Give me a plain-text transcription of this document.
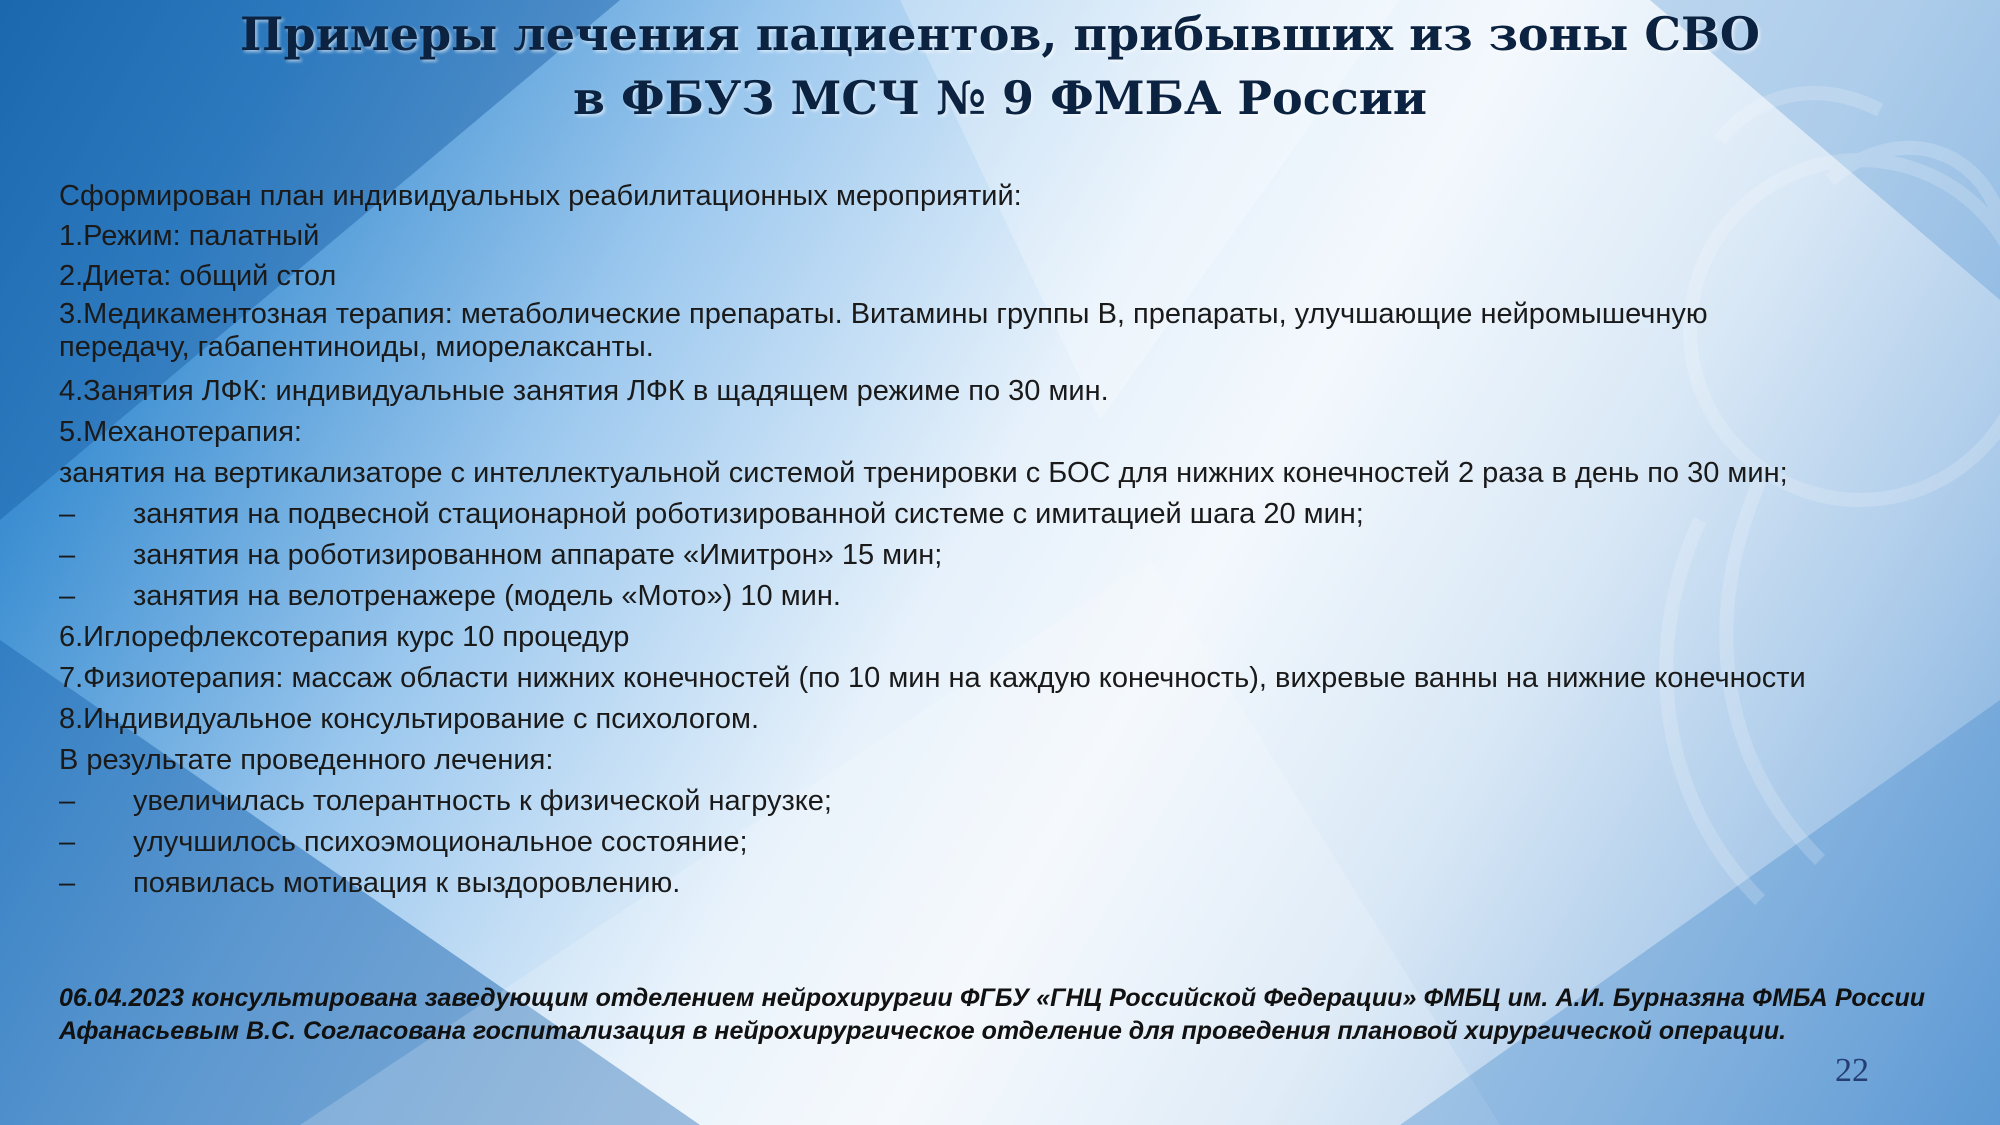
Примеры лечения пациентов, прибывших из зоны СВО
в ФБУЗ МСЧ № 9 ФМБА России
Сформирован план индивидуальных реабилитационных мероприятий:
1.Режим: палатный
2.Диета: общий стол
3.Медикаментозная терапия: метаболические препараты. Витамины группы В, препараты, улучшающие нейромышечную
передачу, габапентиноиды, миорелаксанты.
4.Занятия ЛФК: индивидуальные занятия ЛФК в щадящем режиме по 30 мин.
5.Механотерапия:
занятия на вертикализаторе с интеллектуальной системой тренировки с БОС для нижних конечностей 2 раза в день по 30 мин;
–	занятия на подвесной стационарной роботизированной системе с имитацией шага 20 мин;
–	занятия на роботизированном аппарате «Имитрон» 15 мин;
–	занятия на велотренажере (модель «Мото») 10 мин.
6.Иглорефлексотерапия курс 10 процедур
7.Физиотерапия: массаж области нижних конечностей (по 10 мин на каждую конечность), вихревые ванны на нижние конечности
8.Индивидуальное консультирование с психологом.
В результате проведенного лечения:
–	увеличилась толерантность к физической нагрузке;
–	улучшилось психоэмоциональное состояние;
–	появилась мотивация к выздоровлению.
06.04.2023 консультирована заведующим отделением нейрохирургии ФГБУ «ГНЦ Российской Федерации» ФМБЦ им. А.И. Бурназяна ФМБА России Афанасьевым В.С. Согласована госпитализация в нейрохирургическое отделение для проведения плановой хирургической операции.
22
